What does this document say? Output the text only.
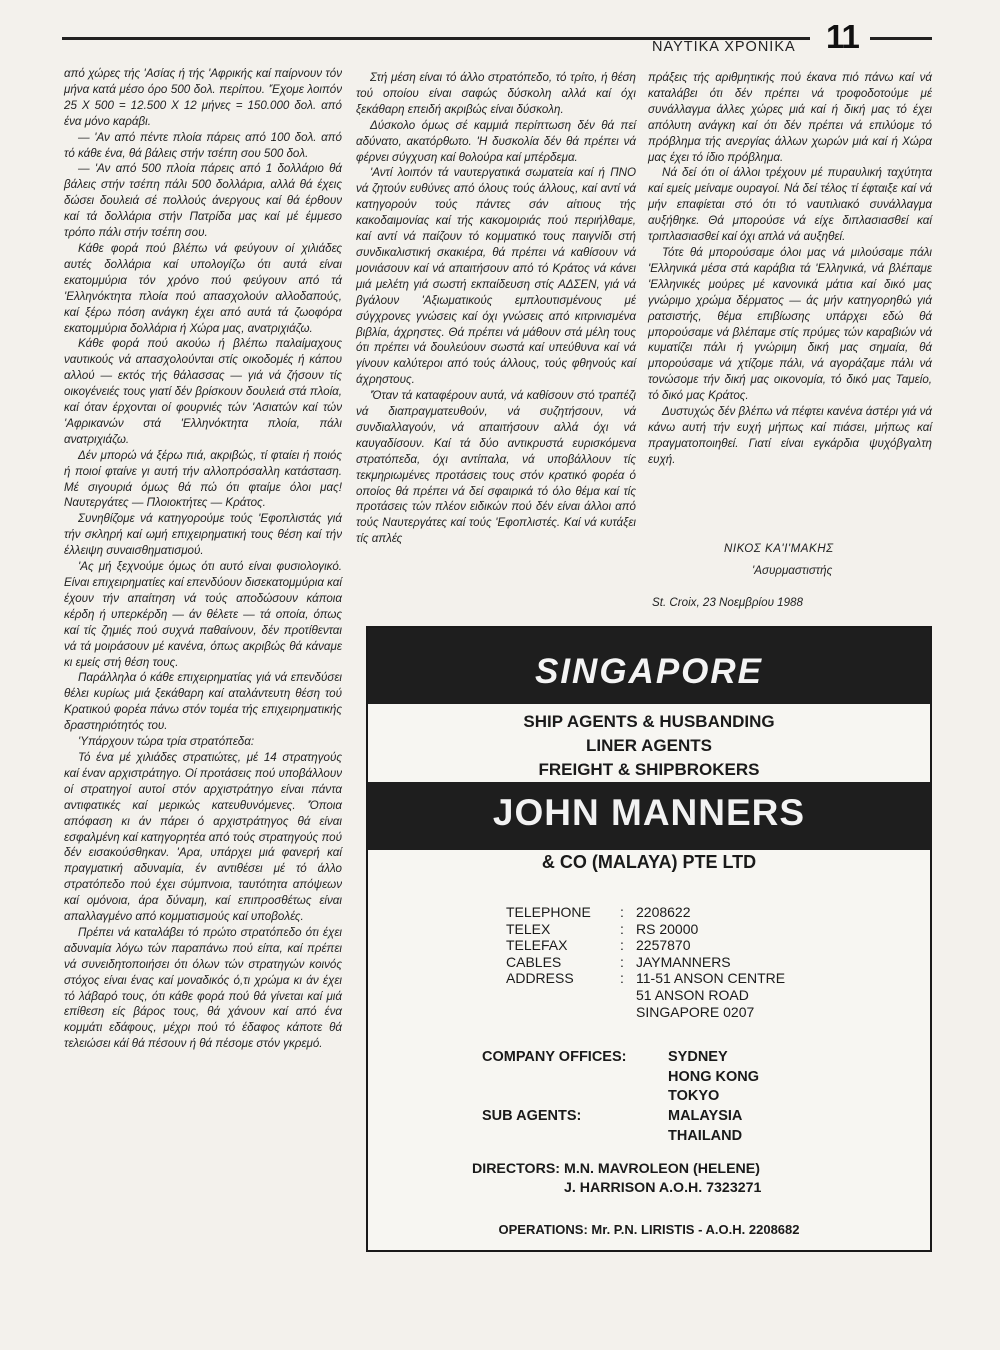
ΝΑΥΤΙΚΑ ΧΡΟΝΙΚΑ 11

από χώρες τής 'Ασίας ή τής 'Αφρικής καί παίρνουν τόν μήνα κατά μέσο όρο 500 δολ. περίπου. 'Έχομε λοιπόν 25 Χ 500 = 12.500 Χ 12 μήνες = 150.000 δολ. από ένα μόνο καράβι.

— 'Αν από πέντε πλοία πάρεις από 100 δολ. από τό κάθε ένα, θά βάλεις στήν τσέπη σου 500 δολ.

— 'Αν από 500 πλοία πάρεις από 1 δολλάριο θά βάλεις στήν τσέπη πάλι 500 δολλάρια, αλλά θά έχεις δώσει δουλειά σέ πολλούς άνεργους καί θά έρθουν καί τά δολλάρια στήν Πατρίδα μας καί μέ έμμεσο τρόπο πάλι στήν τσέπη σου.

Κάθε φορά πού βλέπω νά φεύγουν οί χιλιάδες αυτές δολλάρια καί υπολογίζω ότι αυτά είναι εκατομμύρια τόν χρόνο πού φεύγουν από τά 'Ελληνόκτητα πλοία πού απασχολούν αλλοδαπούς, καί ξέρω πόση ανάγκη έχει από αυτά τά ζωοφόρα εκατομμύρια δολλάρια ή Χώρα μας, ανατριχιάζω.

Κάθε φορά πού ακούω ή βλέπω παλαίμαχους ναυτικούς νά απασχολούνται στίς οικοδομές ή κάπου αλλού — εκτός τής θάλασσας — γιά νά ζήσουν τίς οικογένειές τους γιατί δέν βρίσκουν δουλειά στά πλοία, καί όταν έρχονται οί φουρνιές τών 'Ασιατών καί τών 'Αφρικανών στά 'Ελληνόκτητα πλοία, πάλι ανατριχιάζω.

Δέν μπορώ νά ξέρω πιά, ακριβώς, τί φταίει ή ποιός ή ποιοί φταίνε γι αυτή τήν αλλοπρόσαλλη κατάσταση. Μέ σιγουριά όμως θά πώ ότι φταίμε όλοι μας! Ναυτεργάτες — Πλοιοκτήτες — Κράτος.

Συνηθίζομε νά κατηγορούμε τούς 'Εφοπλιστάς γιά τήν σκληρή καί ωμή επιχειρηματική τους θέση καί τήν έλλειψη συναισθηματισμού.

'Ας μή ξεχνούμε όμως ότι αυτό είναι φυσιολογικό. Είναι επιχειρηματίες καί επενδύουν δισεκατομμύρια καί έχουν τήν απαίτηση νά τούς αποδώσουν κάποια κέρδη ή υπερκέρδη — άν θέλετε — τά οποία, όπως καί τίς ζημιές πού συχνά παθαίνουν, δέν προτίθενται νά τά μοιράσουν μέ κανένα, όπως ακριβώς θά κάναμε κι εμείς στή θέση τους.

Παράλληλα ό κάθε επιχειρηματίας γιά νά επενδύσει θέλει κυρίως μιά ξεκάθαρη καί αταλάντευτη θέση τού Κρατικού φορέα πάνω στόν τομέα τής επιχειρηματικής δραστηριότητός του.

'Υπάρχουν τώρα τρία στρατόπεδα:

Τό ένα μέ χιλιάδες στρατιώτες, μέ 14 στρατηγούς καί έναν αρχιστράτηγο. Οί προτάσεις πού υποβάλλουν οί στρατηγοί αυτοί στόν αρχιστράτηγο είναι πάντα αντιφατικές καί μερικώς κατευθυνόμενες. 'Όποια απόφαση κι άν πάρει ό αρχιστράτηγος θά είναι εσφαλμένη καί κατηγορητέα από τούς στρατηγούς πού δέν εισακούσθηκαν. 'Αρα, υπάρχει μιά φανερή καί πραγματική αδυναμία, έν αντιθέσει μέ τό άλλο στρατόπεδο πού έχει σύμπνοια, ταυτότητα απόψεων καί ομόνοια, άρα δύναμη, καί επιπροσθέτως είναι απαλλαγμένο από κομματισμούς καί υποβολές.

Πρέπει νά καταλάβει τό πρώτο στρατόπεδο ότι έχει αδυναμία λόγω τών παραπάνω πού είπα, καί πρέπει νά συνειδητοποιήσει ότι όλων τών στρατηγών κοινός στόχος είναι ένας καί μοναδικός ό,τι χρώμα κι άν έχει τό λάβαρό τους, ότι κάθε φορά πού θά γίνεται καί μιά επίθεση είς βάρος τους, θά χάνουν καί από ένα κομμάτι εδάφους, μέχρι πού τό έδαφος κάποτε θά τελειώσει κάί θά πέσουν ή θά πέσομε στόν γκρεμό.

Στή μέση είναι τό άλλο στρατόπεδο, τό τρίτο, ή θέση τού οποίου είναι σαφώς δύσκολη αλλά καί όχι ξεκάθαρη επειδή ακριβώς είναι δύσκολη.

Δύσκολο όμως σέ καμμιά περίπτωση δέν θά πεί αδύνατο, ακατόρθωτο. 'Η δυσκολία δέν θά πρέπει νά φέρνει σύγχυση καί θολούρα καί μπέρδεμα.

'Αντί λοιπόν τά ναυτεργατικά σωματεία καί ή ΠΝΟ νά ζητούν ευθύνες από όλους τούς άλλους, καί αντί νά κατηγορούν τούς πάντες σάν αίτιους τής κακοδαιμονίας καί τής κακομοιριάς πού περιήλθαμε, καί αντί νά παίζουν τό κομματικό τους παιγνίδι στή συνδικαλιστική σκακιέρα, θά πρέπει νά καθίσουν νά μονιάσουν καί νά απαιτήσουν από τό Κράτος νά κάνει μιά μελέτη γιά σωστή εκπαίδευση στίς ΑΔΣΕΝ, γιά νά βγάλουν 'Αξιωματικούς εμπλουτισμένους μέ σύγχρονες γνώσεις καί όχι γνώσεις από κιτρινισμένα βιβλία, άχρηστες. Θά πρέπει νά μάθουν στά μέλη τους ότι πρέπει νά δουλεύουν σωστά καί υπεύθυνα καί νά γίνουν καλύτεροι από τούς άλλους, τούς φθηνούς καί άχρηστους.

'Όταν τά καταφέρουν αυτά, νά καθίσουν στό τραπέζι νά διαπραγματευθούν, νά συζητήσουν, νά συνδιαλλαγούν, νά απαιτήσουν αλλά όχι νά καυγαδίσουν. Καί τά δύο αντικρυστά ευρισκόμενα στρατόπεδα, όχι αντίπαλα, νά υποβάλλουν τίς τεκμηριωμένες προτάσεις τους στόν κρατικό φορέα ό οποίος θά πρέπει νά δεί σφαιρικά τό όλο θέμα καί τίς προτάσεις τών πλέον ειδικών πού δέν είναι άλλοι από τούς Ναυτεργάτες καί τούς 'Εφοπλιστές. Καί νά κυτάξει τίς απλές

πράξεις τής αριθμητικής πού έκανα πιό πάνω καί νά καταλάβει ότι δέν πρέπει νά τροφοδοτούμε μέ συνάλλαγμα άλλες χώρες μιά καί ή δική μας τό έχει απόλυτη ανάγκη καί ότι δέν πρέπει νά επιλύομε τό πρόβλημα τής ανεργίας άλλων χωρών μιά καί ή Χώρα μας έχει τό ίδιο πρόβλημα.

Νά δεί ότι οί άλλοι τρέχουν μέ πυραυλική ταχύτητα καί εμείς μείναμε ουραγοί. Νά δεί τέλος τί έφταιξε καί νά μήν επαφίεται στό ότι τό ναυτιλιακό συνάλλαγμα αυξήθηκε. Θά μπορούσε νά είχε διπλασιασθεί καί τριπλασιασθεί καί όχι απλά νά αυξηθεί.

Τότε θά μπορούσαμε όλοι μας νά μιλούσαμε πάλι 'Ελληνικά μέσα στά καράβια τά 'Ελληνικά, νά βλέπαμε 'Ελληνικές μούρες μέ κανονικά μάτια καί δικό μας γνώριμο χρώμα δέρματος — άς μήν κατηγορηθώ γιά ρατσιστής, θέμα επιβίωσης υπάρχει εδώ θά μπορούσαμε νά βλέπαμε στίς πρύμες τών καραβιών νά κυματίζει πάλι ή γνώριμη δική μας σημαία, θά μπορούσαμε νά χτίζομε πάλι, νά αγοράζαμε πάλι νά τονώσομε τήν δική μας οικονομία, τό δικό μας Ταμείο, τό δικό μας Κράτος.

Δυστυχώς δέν βλέπω νά πέφτει κανένα άστέρι γιά νά κάνω αυτή τήν ευχή μήπως καί πιάσει, μήπως καί πραγματοποιηθεί. Γιατί είναι εγκάρδια ψυχόβγαλτη ευχή.

ΝΙΚΟΣ ΚΑ'Ι'ΜΑΚΗΣ
'Ασυρμαστιστής
St. Croix, 23 Νοεμβρίου 1988
SINGAPORE
SHIP AGENTS & HUSBANDING
LINER AGENTS
FREIGHT & SHIPBROKERS
JOHN MANNERS
& CO (MALAYA) PTE LTD
TELEPHONE	: 2208622
TELEX	: RS 20000
TELEFAX	: 2257870
CABLES	: JAYMANNERS
ADDRESS	: 11-51 ANSON CENTRE
51 ANSON ROAD
SINGAPORE 0207
COMPANY OFFICES:	SYDNEY
HONG KONG
TOKYO
SUB AGENTS:	MALAYSIA
THAILAND
DIRECTORS: M.N. MAVROLEON (HELENE)
J. HARRISON A.O.H. 7323271
OPERATIONS: Mr. P.N. LIRISTIS - A.O.H. 2208682
